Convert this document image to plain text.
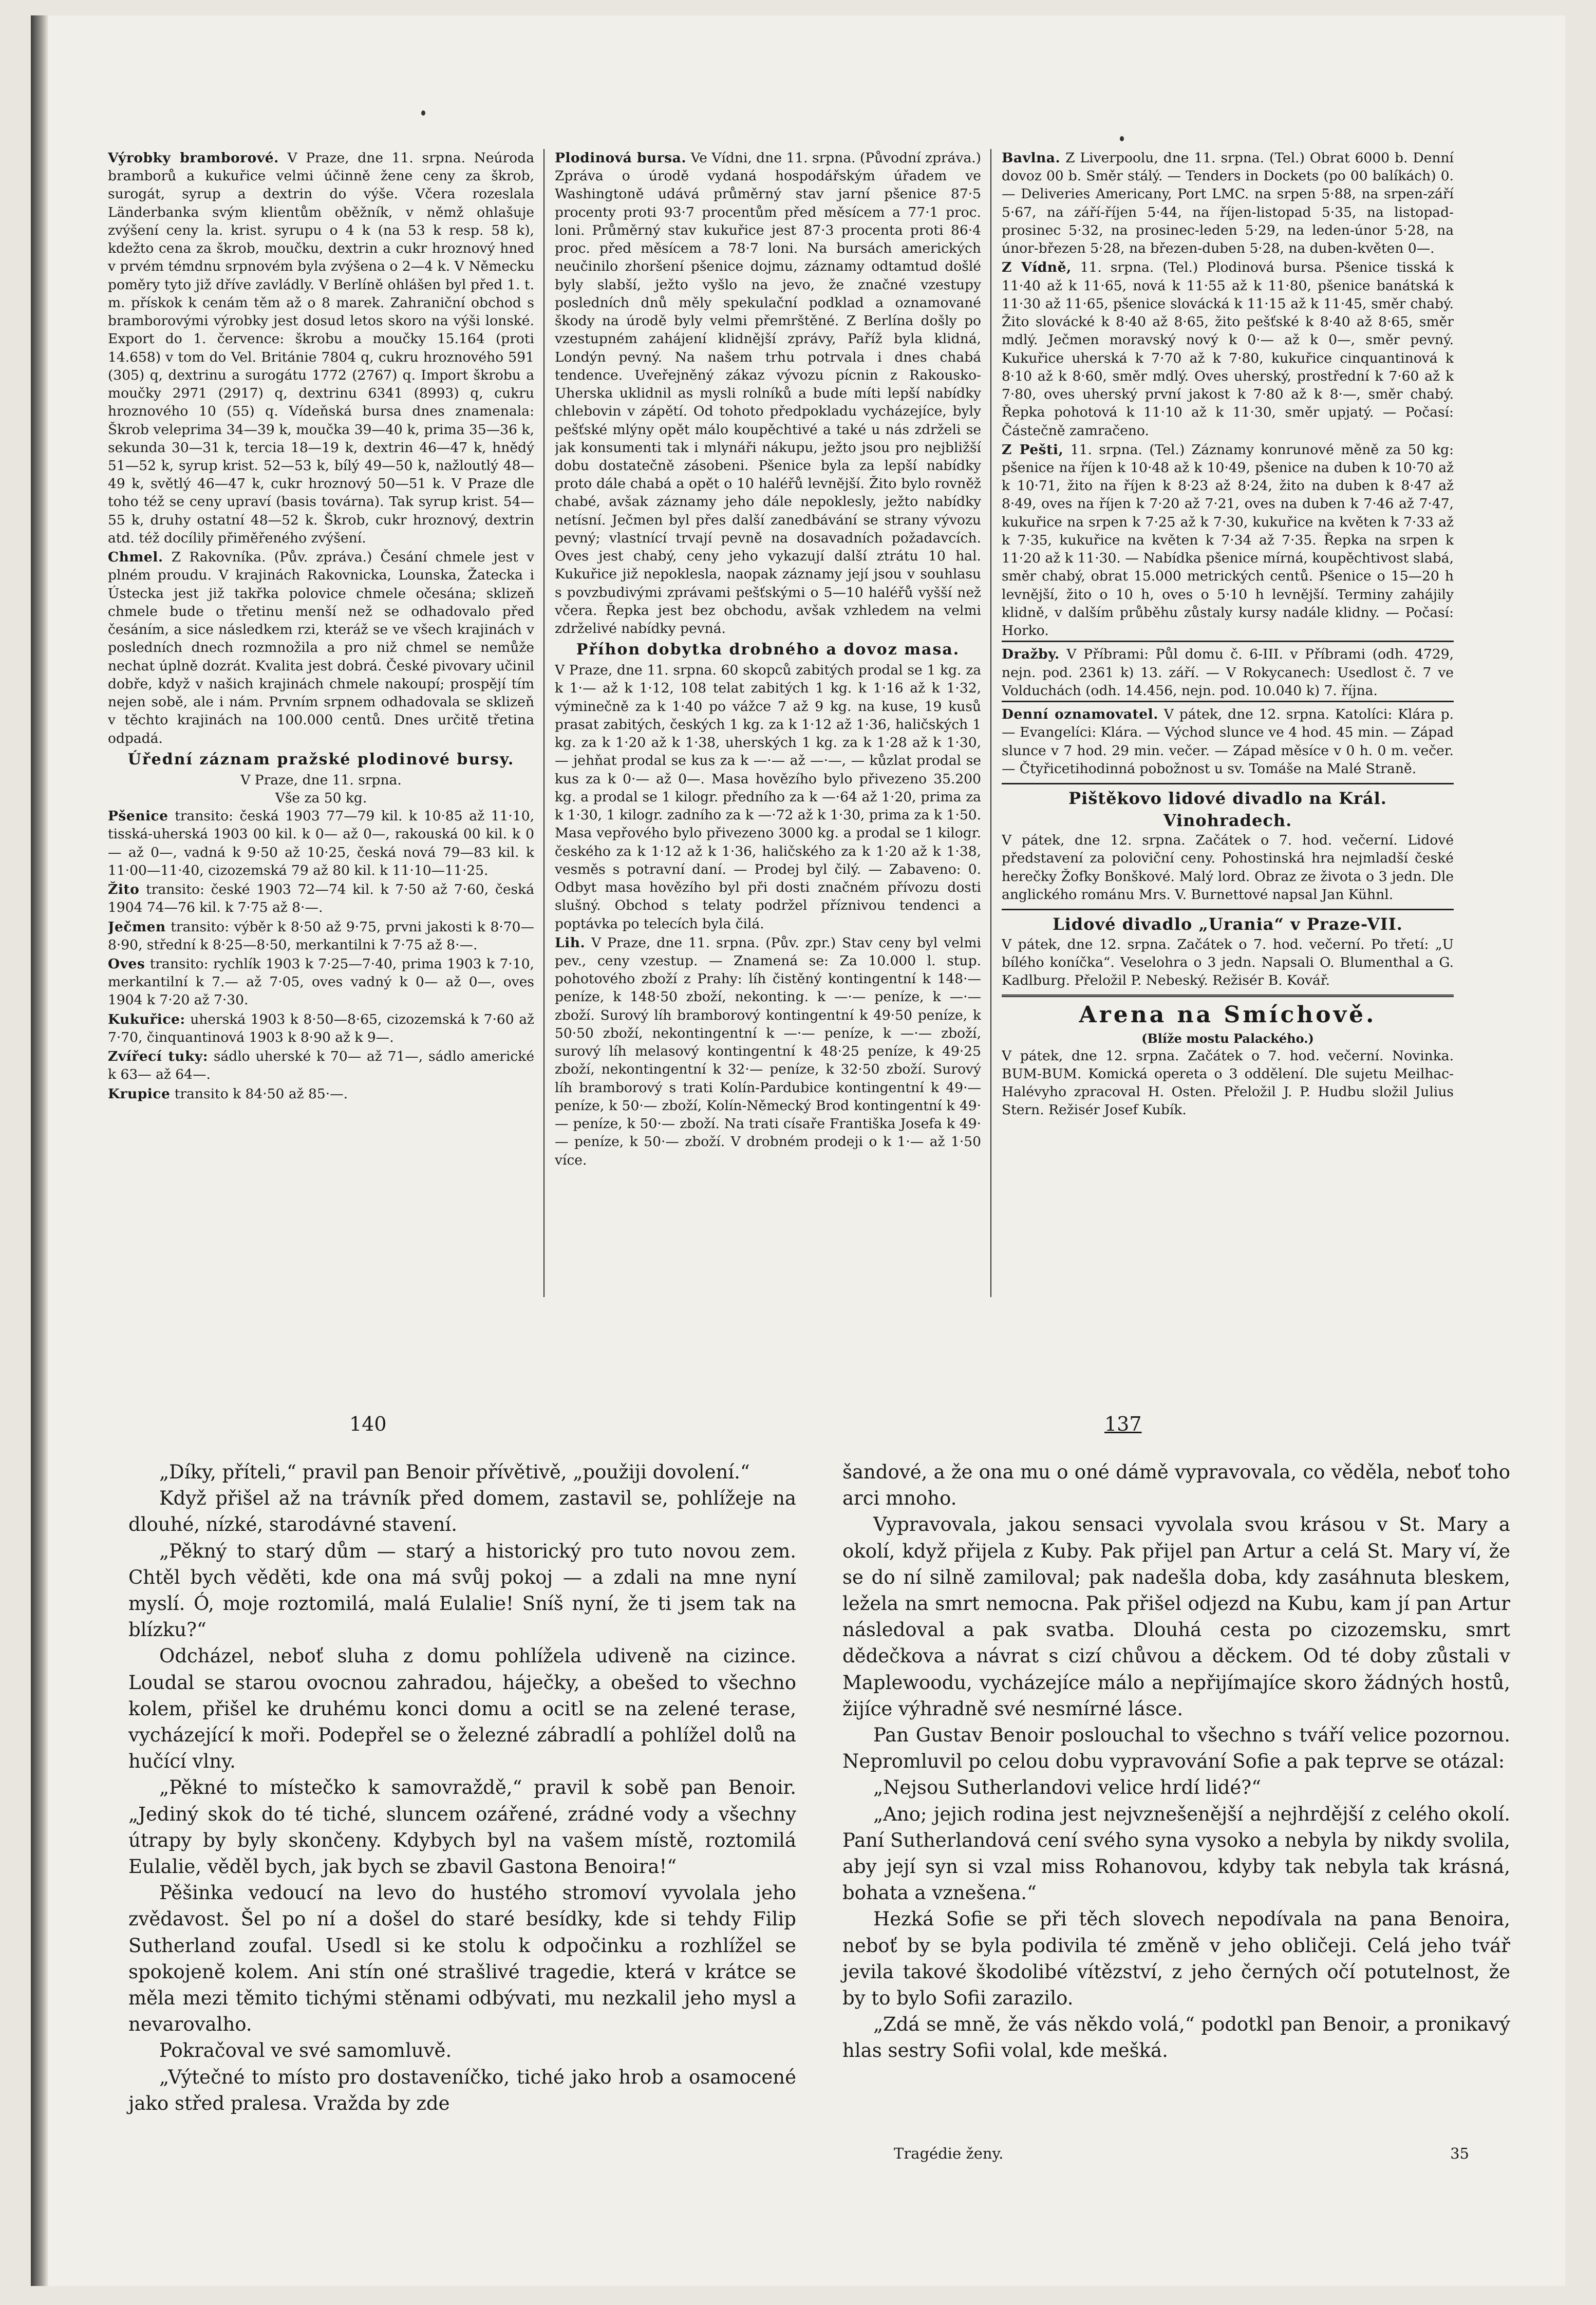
Výrobky bramborové. V Praze, dne 11. srpna. Neúroda bramborů a kukuřice velmi účinně žene ceny za škrob, surogát, syrup a dextrin do výše. Včera rozeslala Länderbanka svým klientům oběžník, v němž ohlašuje zvýšení ceny la. krist. syrupu o 4 k (na 53 k resp. 58 k), kdežto cena za škrob, moučku, dextrin a cukr hroznový hned v prvém témdnu srpnovém byla zvýšena o 2—4 k. V Německu poměry tyto již dříve zavládly. V Berlíně ohlášen byl před 1. t. m. přískok k cenám těm až o 8 marek. Zahraniční obchod s bramborovými výrobky jest dosud letos skoro na výši lonské. Export do 1. července: škrobu a moučky 15.164 (proti 14.658) v tom do Vel. Británie 7804 q, cukru hroznového 591 (305) q, dextrinu a surogátu 1772 (2767) q. Import škrobu a moučky 2971 (2917) q, dextrinu 6341 (8993) q, cukru hroznového 10 (55) q. Vídeňská bursa dnes znamenala: Škrob veleprima 34—39 k, moučka 39—40 k, prima 35—36 k, sekunda 30—31 k, tercia 18—19 k, dextrin 46—47 k, hnědý 51—52 k, syrup krist. 52—53 k, bílý 49—50 k, nažloutlý 48—49 k, světlý 46—47 k, cukr hroznový 50—51 k. V Praze dle toho též se ceny upraví (basis továrna). Tak syrup krist. 54—55 k, druhy ostatní 48—52 k. Škrob, cukr hroznový, dextrin atd. též docílily přiměřeného zvýšení.

Chmel. Z Rakovníka. (Pův. zpráva.) Česání chmele jest v plném proudu. V krajinách Rakovnicka, Lounska, Žatecka i Ústecka jest již takřka polovice chmele očesána; sklizeň chmele bude o třetinu menší než se odhadovalo před česáním, a sice následkem rzi, kteráž se ve všech krajinách v posledních dnech rozmnožila a pro niž chmel se nemůže nechat úplně dozrát. Kvalita jest dobrá. České pivovary učinil dobře, když v našich krajinách chmele nakoupí; prospějí tím nejen sobě, ale i nám. Prvním srpnem odhadovala se sklizeň v těchto krajinách na 100.000 centů. Dnes určitě třetina odpadá.

Úřední záznam pražské plodinové bursy.
V Praze, dne 11. srpna.
Vše za 50 kg.

Pšenice transito: česká 1903 77—79 kil. k 10·85 až 11·10, tisská-uherská 1903 00 kil. k 0— až 0—, rakouská 00 kil. k 0— až 0—, vadná k 9·50 až 10·25, česká nová 79—83 kil. k 11·00—11·40, cizozemská 79 až 80 kil. k 11·10—11·25.

Žito transito: české 1903 72—74 kil. k 7·50 až 7·60, česká 1904 74—76 kil. k 7·75 až 8·—.

Ječmen transito: výběr k 8·50 až 9·75, prvni jakosti k 8·70—8·90, střední k 8·25—8·50, merkantilni k 7·75 až 8·—.

Oves transito: rychlík 1903 k 7·25—7·40, prima 1903 k 7·10, merkantilní k 7.— až 7·05, oves vadný k 0— až 0—, oves 1904 k 7·20 až 7·30.

Kukuřice: uherská 1903 k 8·50—8·65, cizozemská k 7·60 až 7·70, činquantinová 1903 k 8·90 až k 9—.

Zvířecí tuky: sádlo uherské k 70— až 71—, sádlo americké k 63— až 64—.

Krupice transito k 84·50 až 85·—.

Plodinová bursa. Ve Vídni, dne 11. srpna. (Původní zpráva.) Zpráva o úrodě vydaná hospodářským úřadem ve Washingtoně udává průměrný stav jarní pšenice 87·5 procenty proti 93·7 procentům před měsícem a 77·1 proc. loni. Průměrný stav kukuřice jest 87·3 procenta proti 86·4 proc. před měsícem a 78·7 loni. Na bursách amerických neučinilo zhoršení pšenice dojmu, záznamy odtamtud došlé byly slabší, ježto vyšlo na jevo, že značné vzestupy posledních dnů měly spekulační podklad a oznamované škody na úrodě byly velmi přemrštěné. Z Berlína došly po vzestupném zahájení klidnější zprávy, Paříž byla klidná, Londýn pevný. Na našem trhu potrvala i dnes chabá tendence. Uveřejněný zákaz vývozu pícnin z Rakousko-Uherska uklidnil as mysli rolníků a bude míti lepší nabídky chlebovin v zápětí. Od tohoto předpokladu vycházejíce, byly pešťské mlýny opět málo koupěchtivé a také u nás zdrželi se jak konsumenti tak i mlynáři nákupu, ježto jsou pro nejbližší dobu dostatečně zásobeni. Pšenice byla za lepší nabídky proto dále chabá a opět o 10 haléřů levnější. Žito bylo rovněž chabé, avšak záznamy jeho dále nepoklesly, ježto nabídky netísní. Ječmen byl přes další zanedbávání se strany vývozu pevný; vlastnící trvají pevně na dosavadních požadavcích. Oves jest chabý, ceny jeho vykazují další ztrátu 10 hal. Kukuřice již nepoklesla, naopak záznamy její jsou v souhlasu s povzbudivými zprávami pešťskými o 5—10 haléřů vyšší než včera. Řepka jest bez obchodu, avšak vzhledem na velmi zdrželivé nabídky pevná.

Příhon dobytka drobného a dovoz masa.

V Praze, dne 11. srpna. 60 skopců zabitých prodal se 1 kg. za k 1·— až k 1·12, 108 telat zabitých 1 kg. k 1·16 až k 1·32, výminečně za k 1·40 po vážce 7 až 9 kg. na kuse, 19 kusů prasat zabitých, českých 1 kg. za k 1·12 až 1·36, haličských 1 kg. za k 1·20 až k 1·38, uherských 1 kg. za k 1·28 až k 1·30, — jehňat prodal se kus za k —·— až —·—, — kůzlat prodal se kus za k 0·— až 0—. Masa hovězího bylo přivezeno 35.200 kg. a prodal se 1 kilogr. předního za k —·64 až 1·20, prima za k 1·30, 1 kilogr. zadního za k —·72 až k 1·30, prima za k 1·50. Masa vepřového bylo přivezeno 3000 kg. a prodal se 1 kilogr. českého za k 1·12 až k 1·36, haličského za k 1·20 až k 1·38, vesměs s potravní daní. — Prodej byl čilý. — Zabaveno: 0. Odbyt masa hovězího byl při dosti značném přívozu dosti slušný. Obchod s telaty podržel příznivou tendenci a poptávka po telecích byla čilá.

Lih. V Praze, dne 11. srpna. (Pův. zpr.) Stav ceny byl velmi pev., ceny vzestup. — Znamená se: Za 10.000 l. stup. pohotového zboží z Prahy: líh čistěný kontingentní k 148·— peníze, k 148·50 zboží, nekonting. k —·— peníze, k —·— zboží. Surový líh bramborový kontingentní k 49·50 peníze, k 50·50 zboží, nekontingentní k —·— peníze, k —·— zboží, surový líh melasový kontingentní k 48·25 peníze, k 49·25 zboží, nekontingentní k 32·— peníze, k 32·50 zboží. Surový líh bramborový s trati Kolín-Pardubice kontingentní k 49·— peníze, k 50·— zboží, Kolín-Německý Brod kontingentní k 49·— peníze, k 50·— zboží. Na trati císaře Františka Josefa k 49·— peníze, k 50·— zboží. V drobném prodeji o k 1·— až 1·50 více.

Bavlna. Z Liverpoolu, dne 11. srpna. (Tel.) Obrat 6000 b. Denní dovoz 00 b. Směr stálý. — Tenders in Dockets (po 00 balíkách) 0. — Deliveries Americany, Port LMC. na srpen 5·88, na srpen-září 5·67, na září-říjen 5·44, na říjen-listopad 5·35, na listopad-prosinec 5·32, na prosinec-leden 5·29, na leden-únor 5·28, na únor-březen 5·28, na březen-duben 5·28, na duben-květen 0—.

Z Vídně, 11. srpna. (Tel.) Plodinová bursa. Pšenice tisská k 11·40 až k 11·65, nová k 11·55 až k 11·80, pšenice banátská k 11·30 až 11·65, pšenice slovácká k 11·15 až k 11·45, směr chabý. Žito slovácké k 8·40 až 8·65, žito pešťské k 8·40 až 8·65, směr mdlý. Ječmen moravský nový k 0·— až k 0—, směr pevný. Kukuřice uherská k 7·70 až k 7·80, kukuřice cinquantinová k 8·10 až k 8·60, směr mdlý. Oves uherský, prostřední k 7·60 až k 7·80, oves uherský první jakost k 7·80 až k 8·—, směr chabý. Řepka pohotová k 11·10 až k 11·30, směr upjatý. — Počasí: Částečně zamračeno.

Z Pešti, 11. srpna. (Tel.) Záznamy konrunové měně za 50 kg: pšenice na říjen k 10·48 až k 10·49, pšenice na duben k 10·70 až k 10·71, žito na říjen k 8·23 až 8·24, žito na duben k 8·47 až 8·49, oves na říjen k 7·20 až 7·21, oves na duben k 7·46 až 7·47, kukuřice na srpen k 7·25 až k 7·30, kukuřice na květen k 7·33 až k 7·35, kukuřice na květen k 7·34 až 7·35. Řepka na srpen k 11·20 až k 11·30. — Nabídka pšenice mírná, koupěchtivost slabá, směr chabý, obrat 15.000 metrických centů. Pšenice o 15—20 h levnější, žito o 10 h, oves o 5·10 h levnější. Terminy zahájily klidně, v dalším průběhu zůstaly kursy nadále klidny. — Počasí: Horko.

Dražby. V Příbrami: Půl domu č. 6-III. v Příbrami (odh. 4729, nejn. pod. 2361 k) 13. září. — V Rokycanech: Usedlost č. 7 ve Volduchách (odh. 14.456, nejn. pod. 10.040 k) 7. října.

Denní oznamovatel. V pátek, dne 12. srpna. Katolíci: Klára p. — Evangelíci: Klára. — Východ slunce ve 4 hod. 45 min. — Západ slunce v 7 hod. 29 min. večer. — Západ měsíce v 0 h. 0 m. večer. — Čtyřicetihodinná pobožnost u sv. Tomáše na Malé Straně.

Pištěkovo lidové divadlo na Král. Vinohradech.

V pátek, dne 12. srpna. Začátek o 7. hod. večerní. Lidové představení za poloviční ceny. Pohostinská hra nejmladší české herečky Žofky Bonškové. Malý lord. Obraz ze života o 3 jedn. Dle anglického románu Mrs. V. Burnettové napsal Jan Kühnl.

Lidové divadlo „Urania“ v Praze-VII.

V pátek, dne 12. srpna. Začátek o 7. hod. večerní. Po třetí: „U bílého koníčka“. Veselohra o 3 jedn. Napsali O. Blumenthal a G. Kadlburg. Přeložil P. Nebeský. Režisér B. Kovář.

Arena na Smíchově.
(Blíže mostu Palackého.)

V pátek, dne 12. srpna. Začátek o 7. hod. večerní. Novinka. BUM-BUM. Komická opereta o 3 oddělení. Dle sujetu Meilhac-Halévyho zpracoval H. Osten. Přeložil J. P. Hudbu složil Julius Stern. Režisér Josef Kubík.

140	137

„Díky, příteli,“ pravil pan Benoir přívětivě, „použiji dovolení.“

Když přišel až na trávník před domem, zastavil se, pohlížeje na dlouhé, nízké, starodávné stavení.

„Pěkný to starý dům — starý a historický pro tuto novou zem. Chtěl bych věděti, kde ona má svůj pokoj — a zdali na mne nyní myslí. Ó, moje roztomilá, malá Eulalie! Sníš nyní, že ti jsem tak na blízku?“

Odcházel, neboť sluha z domu pohlížela udiveně na cizince. Loudal se starou ovocnou zahradou, háječky, a obešed to všechno kolem, přišel ke druhému konci domu a ocitl se na zelené terase, vycházející k moři. Podepřel se o železné zábradlí a pohlížel dolů na hučící vlny.

„Pěkné to místečko k samovraždě,“ pravil k sobě pan Benoir. „Jediný skok do té tiché, sluncem ozářené, zrádné vody a všechny útrapy by byly skončeny. Kdybych byl na vašem místě, roztomilá Eulalie, věděl bych, jak bych se zbavil Gastona Benoira!“

Pěšinka vedoucí na levo do hustého stromoví vyvolala jeho zvědavost. Šel po ní a došel do staré besídky, kde si tehdy Filip Sutherland zoufal. Usedl si ke stolu k odpočinku a rozhlížel se spokojeně kolem. Ani stín oné strašlivé tragedie, která v krátce se měla mezi těmito tichými stěnami odbývati, mu nezkalil jeho mysl a nevarovalho.

Pokračoval ve své samomluvě.

„Výtečné to místo pro dostaveníčko, tiché jako hrob a osamocené jako střed pralesa. Vražda by zde

šandové, a že ona mu o oné dámě vypravovala, co věděla, neboť toho arci mnoho.

Vypravovala, jakou sensaci vyvolala svou krásou v St. Mary a okolí, když přijela z Kuby. Pak přijel pan Artur a celá St. Mary ví, že se do ní silně zamiloval; pak nadešla doba, kdy zasáhnuta bleskem, ležela na smrt nemocna. Pak přišel odjezd na Kubu, kam jí pan Artur následoval a pak svatba. Dlouhá cesta po cizozemsku, smrt dědečkova a návrat s cizí chůvou a děckem. Od té doby zůstali v Maplewoodu, vycházejíce málo a nepřijímajíce skoro žádných hostů, žijíce výhradně své nesmírné lásce.

Pan Gustav Benoir poslouchal to všechno s tváří velice pozornou. Nepromluvil po celou dobu vypravování Sofie a pak teprve se otázal:

„Nejsou Sutherlandovi velice hrdí lidé?“

„Ano; jejich rodina jest nejvznešenější a nejhrdější z celého okolí. Paní Sutherlandová cení svého syna vysoko a nebyla by nikdy svolila, aby její syn si vzal miss Rohanovou, kdyby tak nebyla tak krásná, bohata a vznešena.“

Hezká Sofie se při těch slovech nepodívala na pana Benoira, neboť by se byla podivila té změně v jeho obličeji. Celá jeho tvář jevila takové škodolibé vítězství, z jeho černých očí potutelnost, že by to bylo Sofii zarazilo.

„Zdá se mně, že vás někdo volá,“ podotkl pan Benoir, a pronikavý hlas sestry Sofii volal, kde mešká.

Tragédie ženy.	35
